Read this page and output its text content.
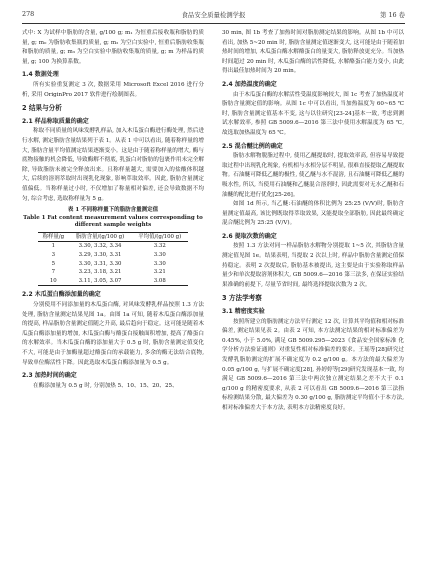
278	食品安全质量检测学报	第 16 卷

式中: X 为试样中脂肪的含量, g/100 g; m₁ 为恒重后接收瓶和脂肪的质量, g; m₀ 为脂肪收集瓶的质量, g; m₂ 为空白实验中, 恒重后脂肪收集瓶和脂肪的质量, g; m₃ 为空白实验中脂肪收集瓶的质量, g; m 为样品的质量, g; 100 为换算系数。

1.4 数据处理

所有实验重复测定 3 次, 数据采用 Microsoft Excel 2016 进行分析, 采用 OriginPro 2017 软件进行绘制图表。

2 结果与分析
2.1 样品称取质量的确定

称取不同质量的风味发酵乳样品, 加入木瓜蛋白酶进行酶处理, 然后进行水解, 测定脂肪含量结果列于表 1。从表 1 中可以看出, 随着称样量的增大, 脂肪含量平均值测定结果逐渐变小。这是由于随着称样量的增大, 酶与底物接触的机会降低, 导致酶解不彻底, 乳蛋白对脂肪的包裹作用未完全解除, 导致脂肪未被完全释放出来。且称样量越大, 需要加入的盐酸体积越大, 后续的溶剂萃取时出现乳化现象, 影响萃取效率。因此, 脂肪含量测定值偏低。当称样量过小时, 不仅增加了称量相对偏差, 还会导致数据不均匀, 综合考虑, 选取称样量为 5 g。

表 1 不同称样量下的脂肪含量测定值
Table 1 Fat content measurement values corresponding to
different sample weights
称样量/g	脂肪含量/(g/100 g)	平均值/(g/100 g)
1	3.30, 3.32, 3.34	3.32
3	3.29, 3.30, 3.31	3.30
5	3.30, 3.31, 3.30	3.30
7	3.23, 3.18, 3.21	3.21
10	3.11, 3.05, 3.07	3.08
2.2 木瓜蛋白酶添加量的确定

分别使用不同添加量的木瓜蛋白酶, 对风味发酵乳样品按照 1.3 方法处理, 脂肪含量测定结果见图 1a。由图 1a 可知, 随着木瓜蛋白酶添加量的提高, 样品脂肪含量测定值随之升高, 最后趋向于稳定。这可能是随着木瓜蛋白酶添加量的增加, 木瓜蛋白酶与酪蛋白接触面积增加, 提高了酪蛋白的水解效率。当木瓜蛋白酶的添加量大于 0.5 g 时, 脂肪含量测定值变化不大, 可能是由于加酶量超过酪蛋白的承载能力, 多余的酶无法结合底物, 导致单位酶活性下降。因此选取木瓜蛋白酶添加量为 0.5 g。

2.3 加热时间的确定

在酶添加量为 0.5 g 时, 分别加热 5、10、15、20、25、

30 min, 图 1b 考查了加热时间对脂肪测定结果的影响。从图 1b 中可以看出, 加热 5~20 min 时, 脂肪含量测定值逐渐变大, 这可能是由于随着加热时间的增加, 木瓜蛋白酶水解酪蛋白的量变大, 脂肪释放更充分。当加热时间超过 20 min 时, 木瓜蛋白酶的活性降低, 水解酪蛋白能力变小, 由此得出最佳加热时间为 20 min。

2.4 加热温度的确定

由于木瓜蛋白酶的水解活性受温度影响较大, 图 1c 考查了加热温度对脂肪含量测定值的影响。从图 1c 中可以看出, 当加热温度为 60~65 ℃时, 脂肪含量测定值基本不变, 这与以往研究[23-24]基本一致, 考虑到测试水解效率, 参照 GB 5009.6—2016 第三法中使用水解温度为 65 ℃, 故选取加热温度为 65 ℃。

2.5 混合醚比例的确定

脂肪水解物脱脂过程中, 使用乙醚提取时, 提取效率高, 但容易导致提取过程中出现乳化现象, 有机相与水相分层不明显, 很难直接提取乙醚提取物。石油醚可降低乙醚的极性, 使乙醚与水不混溶, 且石油醚可降低乙醚的吸水性, 所以, 当使用石油醚和乙醚混合溶剂时, 因此需要对无水乙醚和石油醚的配比进行优化[25-26]。

如图 1d 所示, 当乙醚:石油醚的体积比例为 25:25 (V/V)时, 脂肪含量测定值最高, 该比例既取得萃取效果, 又能提取全部脂肪, 因此最终确定混合醚比例为 25:25 (V/V)。

2.6 提取次数的确定

按照 1.3 方法对同一样品脂肪水解物分别提取 1~5 次, 其脂肪含量测定值见图 1e。结果表明, 当提取 2 次以上时, 样品中脂肪含量测定值保持稳定。表明 2 次提取后, 脂肪基本被提出, 这主要是由于实验称取样品量少和单次提取溶剂体积大, GB 5009.6—2016 第三法多, 在保证实验结果准确的前提下, 尽量节省时间, 最终选择提取次数为 2 次。

3 方法学考察
3.1 精密度实验

按照所建立的脂肪测定方法平行测定 12 次, 计算其平均值和相对标准偏差, 测定结果见表 2。由表 2 可知, 本方法测定结果的相对标准偏差为 0.45%, 小于 5.0%, 满足 GB 5009.295—2023《食品安全国家标准 化学分析方法验证通则》对重复性相对标准偏差的要求。王瑶等[28]研究过发酵乳脂肪测定的扩展不确定度为 0.2 g/100 g。本方法的最大偏差为 0.05 g/100 g, 与扩展不确定度[28], 孙婷婷等[29]研究发现基本一致, 均满足 GB 5009.6—2016 第三法中两次独立测定结果之差不大于 0.1 g/100 g 的精密度要求, 从表 2 可以看出 GB 5009.6—2016 第三法指标检测结果分散, 最大偏差为 0.30 g/100 g, 脂肪测定平均值小于本方法, 相对标准偏差大于本方法, 表明本方法精密度良好。
